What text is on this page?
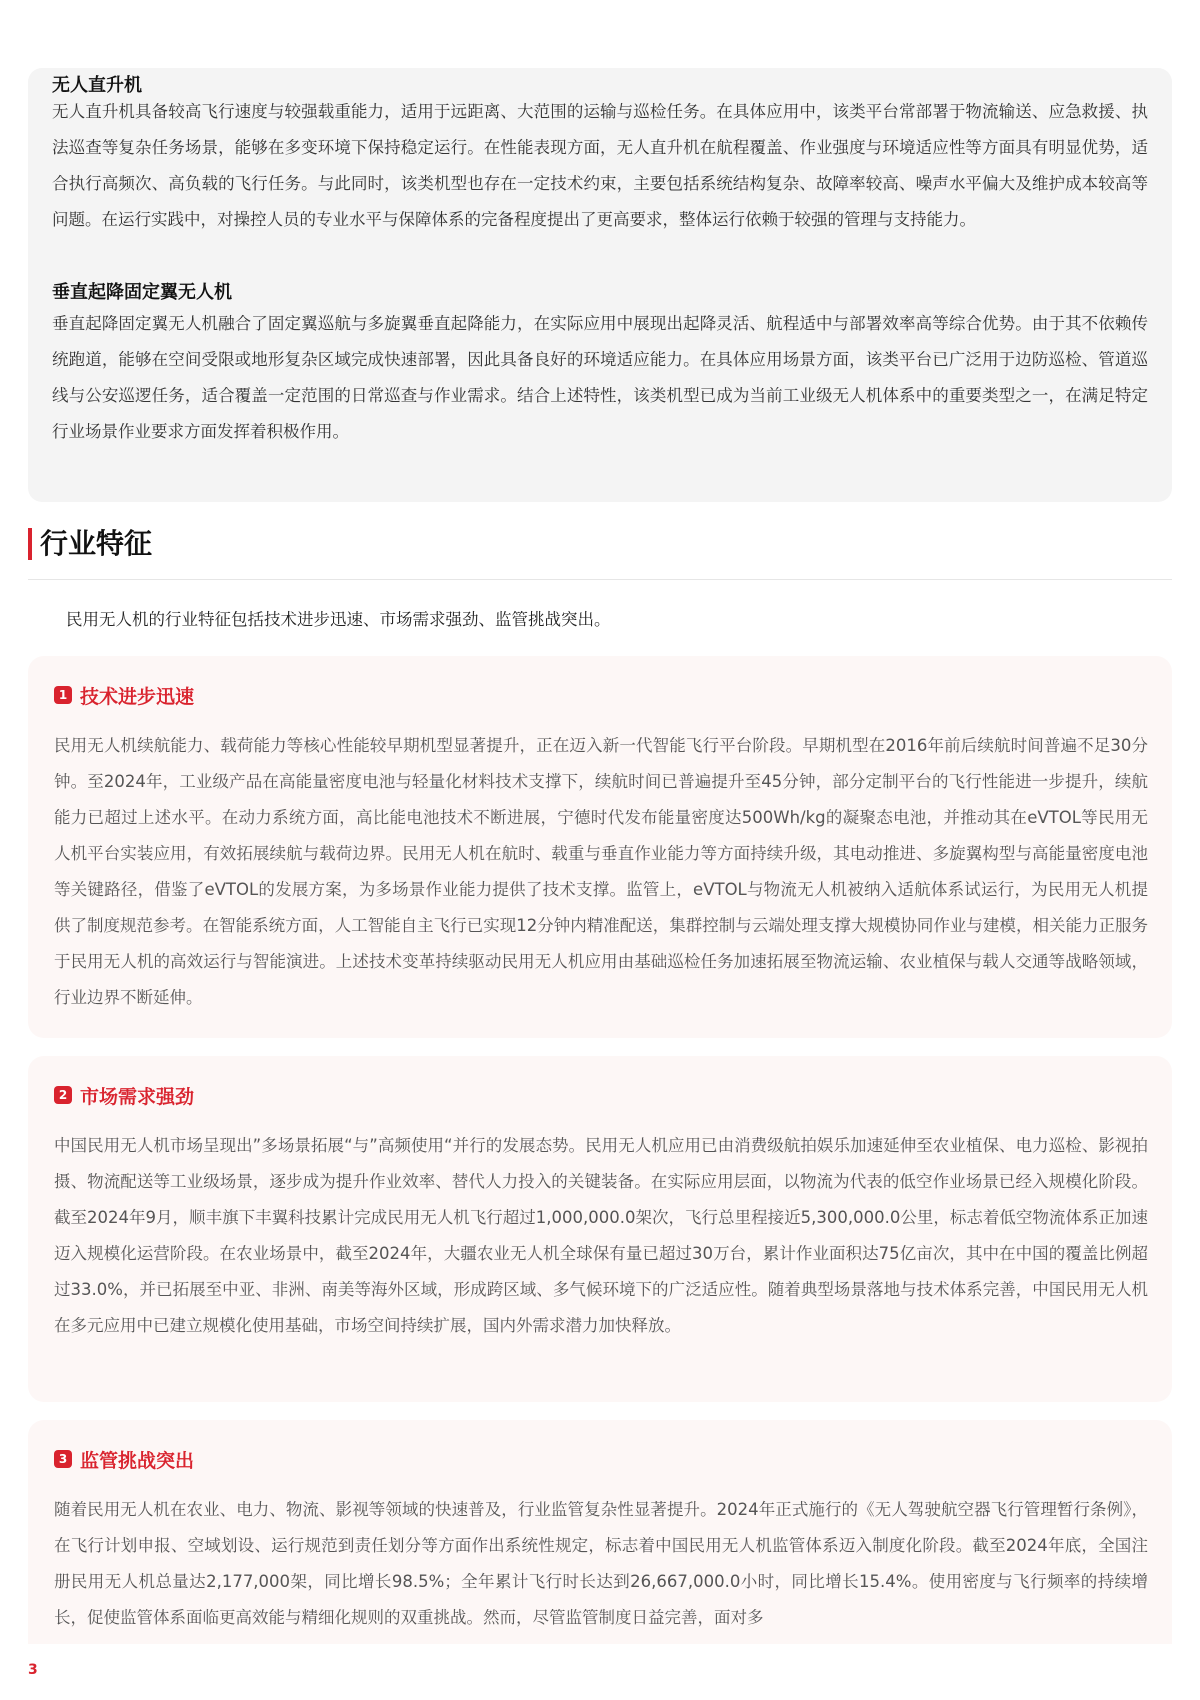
无人直升机
无人直升机具备较高飞行速度与较强载重能力，适用于远距离、大范围的运输与巡检任务。在具体应用中，该类平台常部署于物流输送、应急救援、执法巡查等复杂任务场景，能够在多变环境下保持稳定运行。在性能表现方面，无人直升机在航程覆盖、作业强度与环境适应性等方面具有明显优势，适合执行高频次、高负载的飞行任务。与此同时，该类机型也存在一定技术约束，主要包括系统结构复杂、故障率较高、噪声水平偏大及维护成本较高等问题。在运行实践中，对操控人员的专业水平与保障体系的完备程度提出了更高要求，整体运行依赖于较强的管理与支持能力。
垂直起降固定翼无人机
垂直起降固定翼无人机融合了固定翼巡航与多旋翼垂直起降能力，在实际应用中展现出起降灵活、航程适中与部署效率高等综合优势。由于其不依赖传统跑道，能够在空间受限或地形复杂区域完成快速部署，因此具备良好的环境适应能力。在具体应用场景方面，该类平台已广泛用于边防巡检、管道巡线与公安巡逻任务，适合覆盖一定范围的日常巡查与作业需求。结合上述特性，该类机型已成为当前工业级无人机体系中的重要类型之一，在满足特定行业场景作业要求方面发挥着积极作用。
行业特征
民用无人机的行业特征包括技术进步迅速、市场需求强劲、监管挑战突出。
1 技术进步迅速
民用无人机续航能力、载荷能力等核心性能较早期机型显著提升，正在迈入新一代智能飞行平台阶段。早期机型在2016年前后续航时间普遍不足30分钟。至2024年，工业级产品在高能量密度电池与轻量化材料技术支撑下，续航时间已普遍提升至45分钟，部分定制平台的飞行性能进一步提升，续航能力已超过上述水平。在动力系统方面，高比能电池技术不断进展，宁德时代发布能量密度达500Wh/kg的凝聚态电池，并推动其在eVTOL等民用无人机平台实装应用，有效拓展续航与载荷边界。民用无人机在航时、载重与垂直作业能力等方面持续升级，其电动推进、多旋翼构型与高能量密度电池等关键路径，借鉴了eVTOL的发展方案，为多场景作业能力提供了技术支撑。监管上，eVTOL与物流无人机被纳入适航体系试运行，为民用无人机提供了制度规范参考。在智能系统方面，人工智能自主飞行已实现12分钟内精准配送，集群控制与云端处理支撑大规模协同作业与建模，相关能力正服务于民用无人机的高效运行与智能演进。上述技术变革持续驱动民用无人机应用由基础巡检任务加速拓展至物流运输、农业植保与载人交通等战略领域，行业边界不断延伸。
2 市场需求强劲
中国民用无人机市场呈现出”多场景拓展“与”高频使用“并行的发展态势。民用无人机应用已由消费级航拍娱乐加速延伸至农业植保、电力巡检、影视拍摄、物流配送等工业级场景，逐步成为提升作业效率、替代人力投入的关键装备。在实际应用层面，以物流为代表的低空作业场景已经入规模化阶段。截至2024年9月，顺丰旗下丰翼科技累计完成民用无人机飞行超过1,000,000.0架次，飞行总里程接近5,300,000.0公里，标志着低空物流体系正加速迈入规模化运营阶段。在农业场景中，截至2024年，大疆农业无人机全球保有量已超过30万台，累计作业面积达75亿亩次，其中在中国的覆盖比例超过33.0%，并已拓展至中亚、非洲、南美等海外区域，形成跨区域、多气候环境下的广泛适应性。随着典型场景落地与技术体系完善，中国民用无人机在多元应用中已建立规模化使用基础，市场空间持续扩展，国内外需求潜力加快释放。
3 监管挑战突出
随着民用无人机在农业、电力、物流、影视等领域的快速普及，行业监管复杂性显著提升。2024年正式施行的《无人驾驶航空器飞行管理暂行条例》，在飞行计划申报、空域划设、运行规范到责任划分等方面作出系统性规定，标志着中国民用无人机监管体系迈入制度化阶段。截至2024年底，全国注册民用无人机总量达2,177,000架，同比增长98.5%；全年累计飞行时长达到26,667,000.0小时，同比增长15.4%。使用密度与飞行频率的持续增长，促使监管体系面临更高效能与精细化规则的双重挑战。然而，尽管监管制度日益完善，面对多
3
